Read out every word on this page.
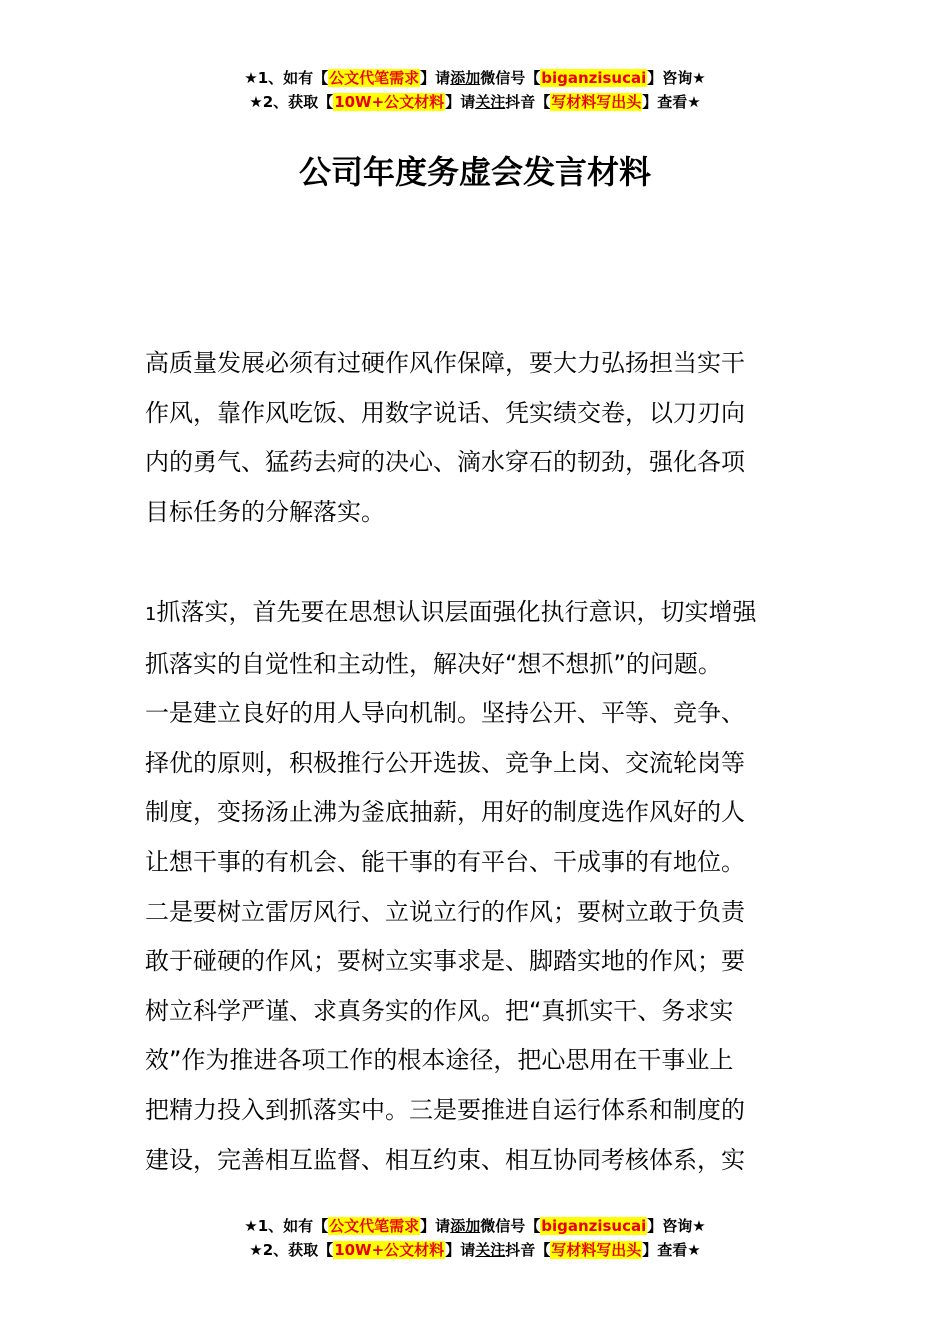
★1、如有【公文代笔需求】请添加微信号【biganzisucai】咨询★
★2、获取【10W+公文材料】请关注抖音【写材料写出头】查看★
公司年度务虚会发言材料
高质量发展必须有过硬作风作保障，要大力弘扬担当实干
作风，靠作风吃饭、用数字说话、凭实绩交卷，以刀刃向
内的勇气、猛药去疴的决心、滴水穿石的韧劲，强化各项
目标任务的分解落实。
1抓落实，首先要在思想认识层面强化执行意识，切实增强
抓落实的自觉性和主动性，解决好“想不想抓”的问题。
一是建立良好的用人导向机制。坚持公开、平等、竞争、
择优的原则，积极推行公开选拔、竞争上岗、交流轮岗等
制度，变扬汤止沸为釜底抽薪，用好的制度选作风好的人
让想干事的有机会、能干事的有平台、干成事的有地位。
二是要树立雷厉风行、立说立行的作风；要树立敢于负责
敢于碰硬的作风；要树立实事求是、脚踏实地的作风；要
树立科学严谨、求真务实的作风。把“真抓实干、务求实
效”作为推进各项工作的根本途径，把心思用在干事业上
把精力投入到抓落实中。三是要推进自运行体系和制度的
建设，完善相互监督、相互约束、相互协同考核体系，实
★1、如有【公文代笔需求】请添加微信号【biganzisucai】咨询★
★2、获取【10W+公文材料】请关注抖音【写材料写出头】查看★
